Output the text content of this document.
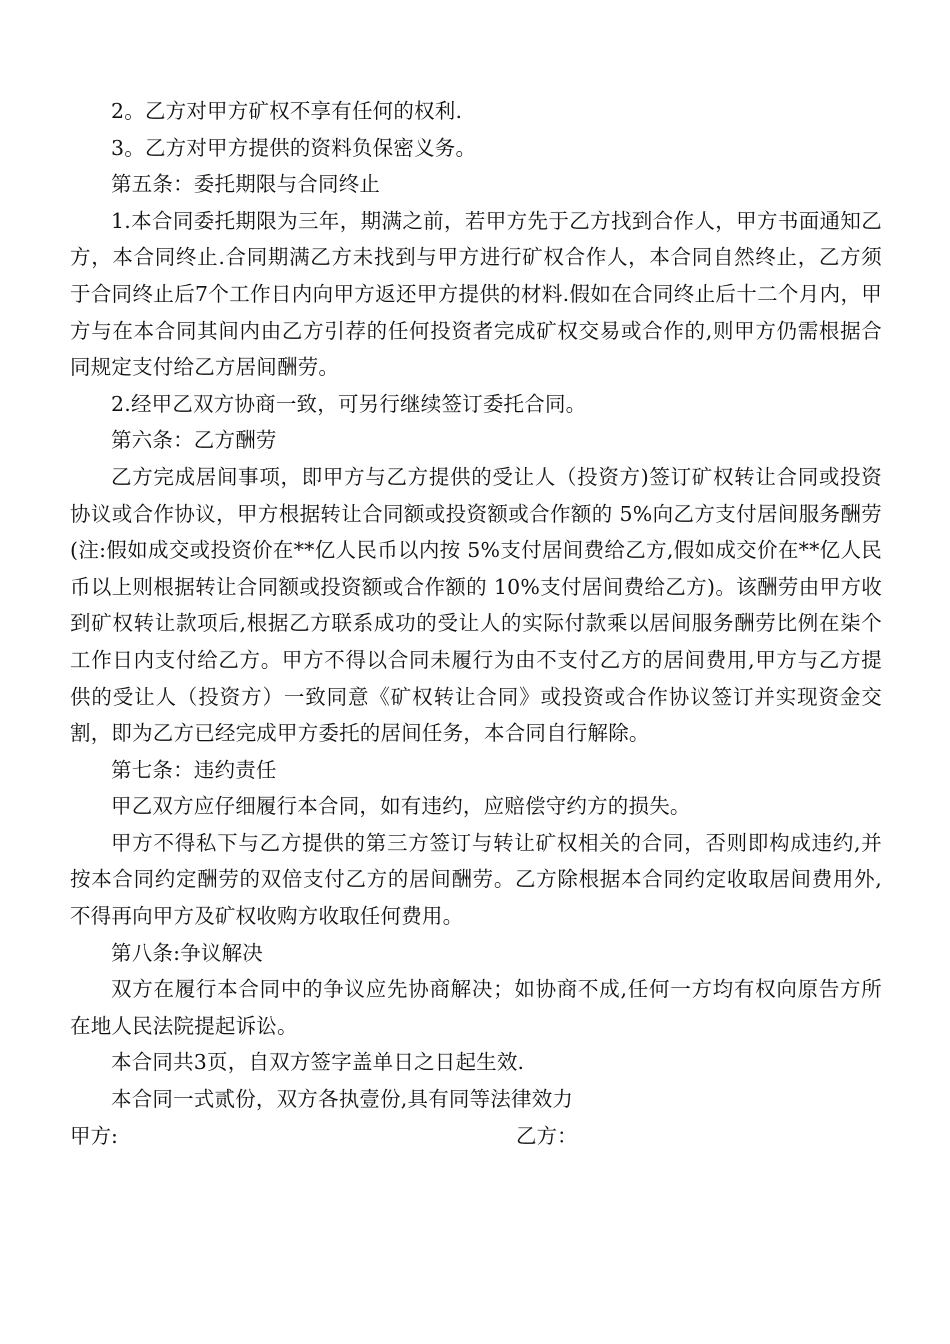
2。乙方对甲方矿权不享有任何的权利.

3。乙方对甲方提供的资料负保密义务。

第五条：委托期限与合同终止

1.本合同委托期限为三年，期满之前，若甲方先于乙方找到合作人，甲方书面通知乙方，本合同终止.合同期满乙方未找到与甲方进行矿权合作人，本合同自然终止，乙方须于合同终止后7个工作日内向甲方返还甲方提供的材料.假如在合同终止后十二个月内，甲方与在本合同其间内由乙方引荐的任何投资者完成矿权交易或合作的,则甲方仍需根据合同规定支付给乙方居间酬劳。

2.经甲乙双方协商一致，可另行继续签订委托合同。

第六条：乙方酬劳

乙方完成居间事项，即甲方与乙方提供的受让人（投资方)签订矿权转让合同或投资协议或合作协议，甲方根据转让合同额或投资额或合作额的 5%向乙方支付居间服务酬劳(注:假如成交或投资价在**亿人民币以内按 5%支付居间费给乙方,假如成交价在**亿人民币以上则根据转让合同额或投资额或合作额的 10%支付居间费给乙方)。该酬劳由甲方收到矿权转让款项后,根据乙方联系成功的受让人的实际付款乘以居间服务酬劳比例在柒个工作日内支付给乙方。甲方不得以合同未履行为由不支付乙方的居间费用,甲方与乙方提供的受让人（投资方）一致同意《矿权转让合同》或投资或合作协议签订并实现资金交割，即为乙方已经完成甲方委托的居间任务，本合同自行解除。

第七条：违约责任

甲乙双方应仔细履行本合同，如有违约，应赔偿守约方的损失。

甲方不得私下与乙方提供的第三方签订与转让矿权相关的合同，否则即构成违约,并按本合同约定酬劳的双倍支付乙方的居间酬劳。乙方除根据本合同约定收取居间费用外,不得再向甲方及矿权收购方收取任何费用。

第八条:争议解决

双方在履行本合同中的争议应先协商解决；如协商不成,任何一方均有权向原告方所在地人民法院提起诉讼。

本合同共3页，自双方签字盖单日之日起生效.

本合同一式贰份，双方各执壹份,具有同等法律效力

甲方:	乙方：
